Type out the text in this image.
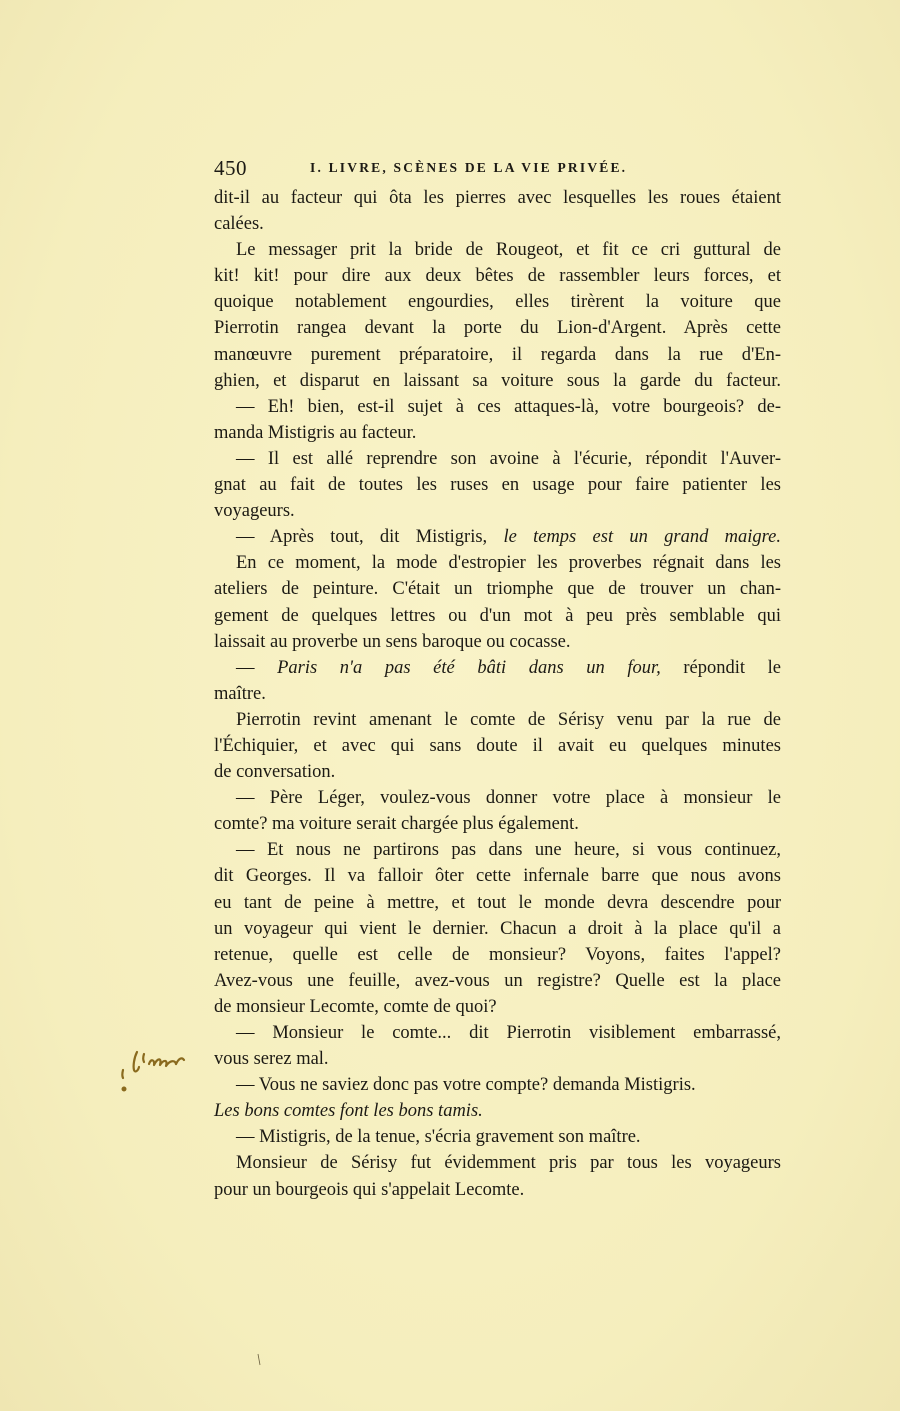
450	I. LIVRE, SCÈNES DE LA VIE PRIVÉE.
dit-il au facteur qui ôta les pierres avec lesquelles les roues étaient
calées.
Le messager prit la bride de Rougeot, et fit ce cri guttural de
kit! kit! pour dire aux deux bêtes de rassembler leurs forces, et
quoique notablement engourdies, elles tirèrent la voiture que
Pierrotin rangea devant la porte du Lion-d'Argent. Après cette
manœuvre purement préparatoire, il regarda dans la rue d'En-
ghien, et disparut en laissant sa voiture sous la garde du facteur.
— Eh! bien, est-il sujet à ces attaques-là, votre bourgeois? de-
manda Mistigris au facteur.
— Il est allé reprendre son avoine à l'écurie, répondit l'Auver-
gnat au fait de toutes les ruses en usage pour faire patienter les
voyageurs.
— Après tout, dit Mistigris, le temps est un grand maigre.
En ce moment, la mode d'estropier les proverbes régnait dans les
ateliers de peinture. C'était un triomphe que de trouver un chan-
gement de quelques lettres ou d'un mot à peu près semblable qui
laissait au proverbe un sens baroque ou cocasse.
— Paris n'a pas été bâti dans un four, répondit le
maître.
Pierrotin revint amenant le comte de Sérisy venu par la rue de
l'Échiquier, et avec qui sans doute il avait eu quelques minutes
de conversation.
— Père Léger, voulez-vous donner votre place à monsieur le
comte? ma voiture serait chargée plus également.
— Et nous ne partirons pas dans une heure, si vous continuez,
dit Georges. Il va falloir ôter cette infernale barre que nous avons
eu tant de peine à mettre, et tout le monde devra descendre pour
un voyageur qui vient le dernier. Chacun a droit à la place qu'il a
retenue, quelle est celle de monsieur? Voyons, faites l'appel?
Avez-vous une feuille, avez-vous un registre? Quelle est la place
de monsieur Lecomte, comte de quoi?
— Monsieur le comte... dit Pierrotin visiblement embarrassé,
vous serez mal.
— Vous ne saviez donc pas votre compte? demanda Mistigris.
Les bons comtes font les bons tamis.
— Mistigris, de la tenue, s'écria gravement son maître.
Monsieur de Sérisy fut évidemment pris par tous les voyageurs
pour un bourgeois qui s'appelait Lecomte.
